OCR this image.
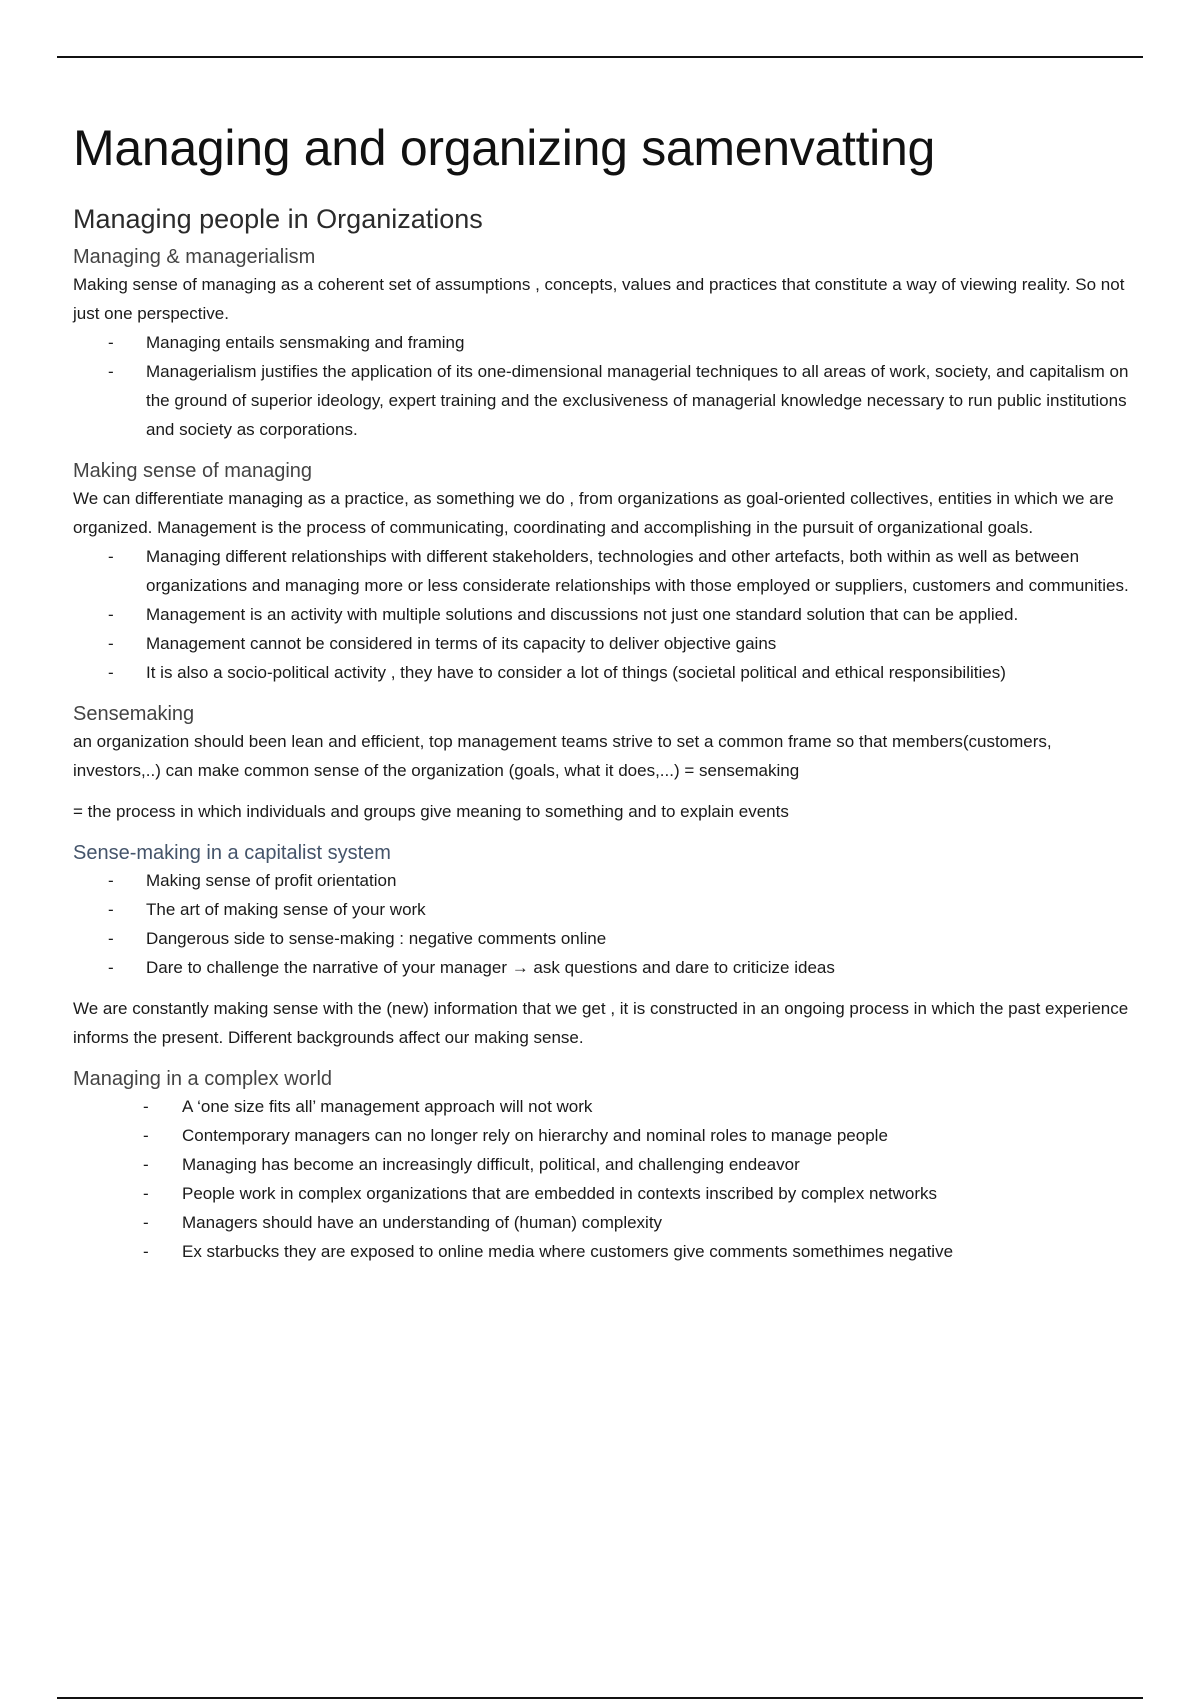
Managing and organizing samenvatting
Managing people in Organizations
Managing & managerialism

Making sense of managing as a coherent set of assumptions , concepts, values and practices that constitute a way of viewing reality. So not just one perspective.

- Managing entails sensmaking and framing
- Managerialism justifies the application of its one-dimensional managerial techniques to all areas of work, society, and capitalism on the ground of superior ideology, expert training and the exclusiveness of managerial knowledge necessary to run public institutions and society as corporations.
Making sense of managing

We can differentiate managing as a practice, as something we do , from organizations as goal-oriented collectives, entities in which we are organized. Management is the process of communicating, coordinating and accomplishing in the pursuit of organizational goals.

- Managing different relationships with different stakeholders, technologies and other artefacts, both within as well as between organizations and managing more or less considerate relationships with those employed or suppliers, customers and communities.
- Management is an activity with multiple solutions and discussions not just one standard solution that can be applied.
- Management cannot be considered in terms of its capacity to deliver objective gains
- It is also a socio-political activity , they have to consider a lot of things (societal political and ethical responsibilities)
Sensemaking

an organization should been lean and efficient, top management teams strive to set a common frame so that members(customers, investors,..) can make common sense of the organization (goals, what it does,...) = sensemaking

= the process in which individuals and groups give meaning to something and to explain events

Sense-making in a capitalist system
- Making sense of profit orientation
- The art of making sense of your work
- Dangerous side to sense-making : negative comments online
- Dare to challenge the narrative of your manager → ask questions and dare to criticize ideas

We are constantly making sense with the (new) information that we get , it is constructed in an ongoing process in which the past experience informs the present. Different backgrounds affect our making sense.

Managing in a complex world
- A ‘one size fits all’ management approach will not work
- Contemporary managers can no longer rely on hierarchy and nominal roles to manage people
- Managing has become an increasingly difficult, political, and challenging endeavor
- People work in complex organizations that are embedded in contexts inscribed by complex networks
- Managers should have an understanding of (human) complexity
- Ex starbucks they are exposed to online media where customers give comments somethimes negative
